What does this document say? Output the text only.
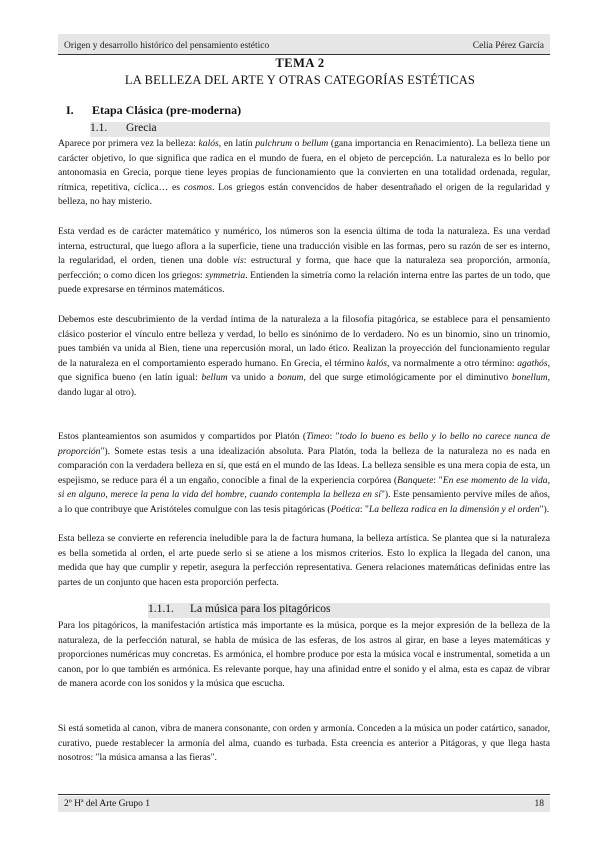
Origen y desarrollo histórico del pensamiento estético	Celia Pérez García
TEMA 2
LA BELLEZA DEL ARTE Y OTRAS CATEGORÍAS ESTÉTICAS
I. Etapa Clásica (pre-moderna)
1.1. Grecia

Aparece por primera vez la belleza: kalós, en latín pulchrum o bellum (gana importancia en Renacimiento). La belleza tiene un carácter objetivo, lo que significa que radica en el mundo de fuera, en el objeto de percepción. La naturaleza es lo bello por antonomasia en Grecia, porque tiene leyes propias de funcionamiento que la convierten en una totalidad ordenada, regular, rítmica, repetitiva, cíclica… es cosmos. Los griegos están convencidos de haber desentrañado el origen de la regularidad y belleza, no hay misterio.

Esta verdad es de carácter matemático y numérico, los números son la esencia última de toda la naturaleza. Es una verdad interna, estructural, que luego aflora a la superficie, tiene una traducción visible en las formas, pero su razón de ser es interno, la regularidad, el orden, tienen una doble vis: estructural y forma, que hace que la naturaleza sea proporción, armonía, perfección; o como dicen los griegos: symmetria. Entienden la simetría como la relación interna entre las partes de un todo, que puede expresarse en términos matemáticos.

Debemos este descubrimiento de la verdad íntima de la naturaleza a la filosofía pitagórica, se establece para el pensamiento clásico posterior el vínculo entre belleza y verdad, lo bello es sinónimo de lo verdadero. No es un binomio, sino un trinomio, pues también va unida al Bien, tiene una repercusión moral, un lado ético. Realizan la proyección del funcionamiento regular de la naturaleza en el comportamiento esperado humano. En Grecia, el término kalós, va normalmente a otro término: agathós, que significa bueno (en latín igual: bellum va unido a bonum, del que surge etimológicamente por el diminutivo bonellum, dando lugar al otro).

Estos planteamientos son asumidos y compartidos por Platón (Timeo: "todo lo bueno es bello y lo bello no carece nunca de proporción"). Somete estas tesis a una idealización absoluta. Para Platón, toda la belleza de la naturaleza no es nada en comparación con la verdadera belleza en sí, que está en el mundo de las Ideas. La belleza sensible es una mera copia de esta, un espejismo, se reduce para él a un engaño, conocible a final de la experiencia corpórea (Banquete: "En ese momento de la vida, si en alguno, merece la pena la vida del hombre, cuando contempla la belleza en sí"). Este pensamiento pervive miles de años, a lo que contribuye que Aristóteles comulgue con las tesis pitagóricas (Poética: "La belleza radica en la dimensión y el orden").

Esta belleza se convierte en referencia ineludible para la de factura humana, la belleza artística. Se plantea que si la naturaleza es bella sometida al orden, el arte puede serlo si se atiene a los mismos criterios. Esto lo explica la llegada del canon, una medida que hay que cumplir y repetir, asegura la perfección representativa. Genera relaciones matemáticas definidas entre las partes de un conjunto que hacen esta proporción perfecta.

1.1.1. La música para los pitagóricos

Para los pitagóricos, la manifestación artística más importante es la música, porque es la mejor expresión de la belleza de la naturaleza, de la perfección natural, se habla de música de las esferas, de los astros al girar, en base a leyes matemáticas y proporciones numéricas muy concretas. Es armónica, el hombre produce por esta la música vocal e instrumental, sometida a un canon, por lo que también es armónica. Es relevante porque, hay una afinidad entre el sonido y el alma, esta es capaz de vibrar de manera acorde con los sonidos y la música que escucha.

Si está sometida al canon, vibra de manera consonante, con orden y armonía. Conceden a la música un poder catártico, sanador, curativo, puede restablecer la armonía del alma, cuando es turbada. Esta creencia es anterior a Pitágoras, y que llega hasta nosotros: "la música amansa a las fieras".

2º Hª del Arte Grupo 1	18
